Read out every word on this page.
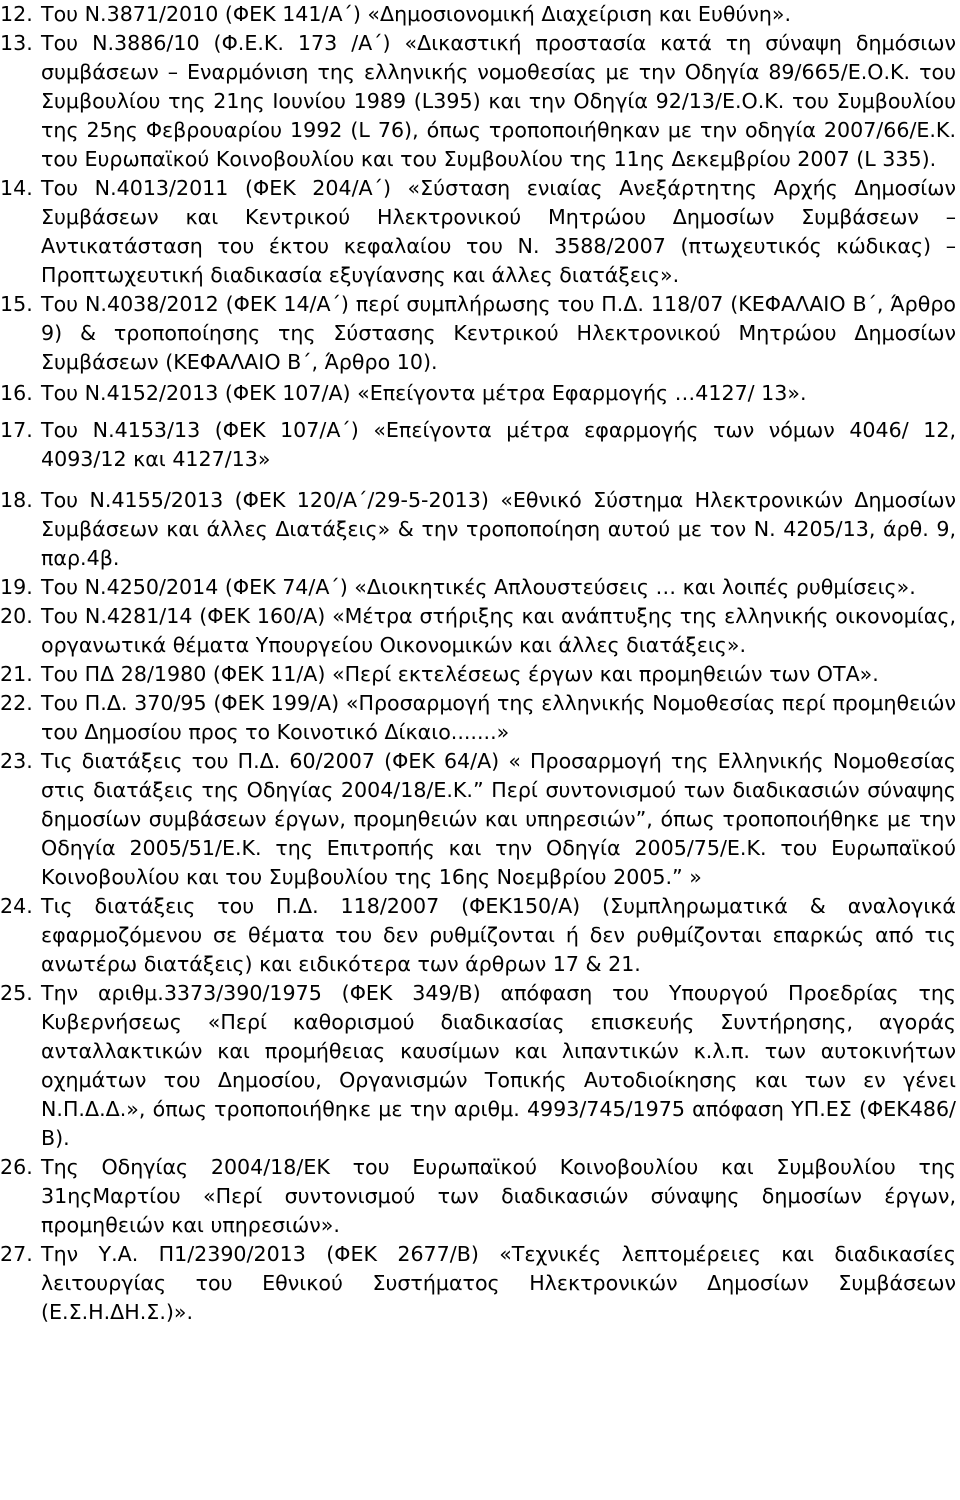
12. Του Ν.3871/2010 (ΦΕΚ 141/Α΄) «Δημοσιονομική Διαχείριση και Ευθύνη».
13. Του Ν.3886/10 (Φ.Ε.Κ. 173 /Α΄) «Δικαστική προστασία κατά τη σύναψη δημόσιων συμβάσεων – Εναρμόνιση της ελληνικής νομοθεσίας με την Οδηγία 89/665/Ε.Ο.Κ. του Συμβουλίου της 21ης Ιουνίου 1989 (L395) και την Οδηγία 92/13/Ε.Ο.Κ. του Συμβουλίου της 25ης Φεβρουαρίου 1992 (L 76), όπως τροποποιήθηκαν με την οδηγία 2007/66/Ε.Κ. του Ευρωπαϊκού Κοινοβουλίου και του Συμβουλίου της 11ης Δεκεμβρίου 2007 (L 335).
14. Του Ν.4013/2011 (ΦΕΚ 204/Α΄) «Σύσταση ενιαίας Ανεξάρτητης Αρχής Δημοσίων Συμβάσεων και Κεντρικού Ηλεκτρονικού Μητρώου Δημοσίων Συμβάσεων – Αντικατάσταση του έκτου κεφαλαίου του Ν. 3588/2007 (πτωχευτικός κώδικας) – Προπτωχευτική διαδικασία εξυγίανσης και άλλες διατάξεις».
15. Του Ν.4038/2012 (ΦΕΚ 14/Α΄) περί συμπλήρωσης του Π.Δ. 118/07 (ΚΕΦΑΛΑΙΟ Β΄, Άρθρο 9) & τροποποίησης της Σύστασης Κεντρικού Ηλεκτρονικού Μητρώου Δημοσίων Συμβάσεων (ΚΕΦΑΛΑΙΟ Β΄, Άρθρο 10).
16. Του Ν.4152/2013 (ΦΕΚ 107/Α) «Επείγοντα μέτρα Εφαρμογής …4127/ 13».
17. Του Ν.4153/13 (ΦΕΚ 107/Α΄) «Επείγοντα μέτρα εφαρμογής των νόμων 4046/ 12, 4093/12 και 4127/13»
18. Του Ν.4155/2013 (ΦΕΚ 120/Α΄/29-5-2013) «Εθνικό Σύστημα Ηλεκτρονικών Δημοσίων Συμβάσεων και άλλες Διατάξεις» & την τροποποίηση αυτού με τον Ν. 4205/13, άρθ. 9, παρ.4β.
19. Του Ν.4250/2014 (ΦΕΚ 74/Α΄) «Διοικητικές Απλουστεύσεις … και λοιπές ρυθμίσεις».
20. Του Ν.4281/14 (ΦΕΚ 160/Α) «Μέτρα στήριξης και ανάπτυξης της ελληνικής οικονομίας, οργανωτικά θέματα Υπουργείου Οικονομικών και άλλες διατάξεις».
21. Του ΠΔ 28/1980 (ΦΕΚ 11/Α) «Περί εκτελέσεως έργων και προμηθειών των ΟΤΑ».
22. Του Π.Δ. 370/95 (ΦΕΚ 199/Α) «Προσαρμογή της ελληνικής Νομοθεσίας περί προμηθειών του Δημοσίου προς το Κοινοτικό Δίκαιο.......»
23. Τις διατάξεις του Π.Δ. 60/2007 (ΦΕΚ 64/Α) « Προσαρμογή της Ελληνικής Νομοθεσίας στις διατάξεις της Οδηγίας 2004/18/Ε.Κ.” Περί συντονισμού των διαδικασιών σύναψης δημοσίων συμβάσεων έργων, προμηθειών και υπηρεσιών”, όπως τροποποιήθηκε με την Οδηγία 2005/51/Ε.Κ. της Επιτροπής και την Οδηγία 2005/75/Ε.Κ. του Ευρωπαϊκού Κοινοβουλίου και του Συμβουλίου της 16ης Νοεμβρίου 2005.” »
24. Τις διατάξεις του Π.Δ. 118/2007 (ΦΕΚ150/Α) (Συμπληρωματικά & αναλογικά εφαρμοζόμενου σε θέματα του δεν ρυθμίζονται ή δεν ρυθμίζονται επαρκώς από τις ανωτέρω διατάξεις) και ειδικότερα των άρθρων 17 & 21.
25. Την αριθμ.3373/390/1975 (ΦΕΚ 349/Β) απόφαση του Υπουργού Προεδρίας της Κυβερνήσεως «Περί καθορισμού διαδικασίας επισκευής Συντήρησης, αγοράς ανταλλακτικών και προμήθειας καυσίμων και λιπαντικών κ.λ.π. των αυτοκινήτων οχημάτων του Δημοσίου, Οργανισμών Τοπικής Αυτοδιοίκησης και των εν γένει Ν.Π.Δ.Δ.», όπως τροποποιήθηκε με την αριθμ. 4993/745/1975 απόφαση ΥΠ.ΕΣ (ΦΕΚ486/Β).
26. Της Οδηγίας 2004/18/ΕΚ του Ευρωπαϊκού Κοινοβουλίου και Συμβουλίου της 31ηςΜαρτίου «Περί συντονισμού των διαδικασιών σύναψης δημοσίων έργων, προμηθειών και υπηρεσιών».
27. Την Υ.Α. Π1/2390/2013 (ΦΕΚ 2677/Β) «Τεχνικές λεπτομέρειες και διαδικασίες λειτουργίας του Εθνικού Συστήματος Ηλεκτρονικών Δημοσίων Συμβάσεων (Ε.Σ.Η.ΔΗ.Σ.)».
